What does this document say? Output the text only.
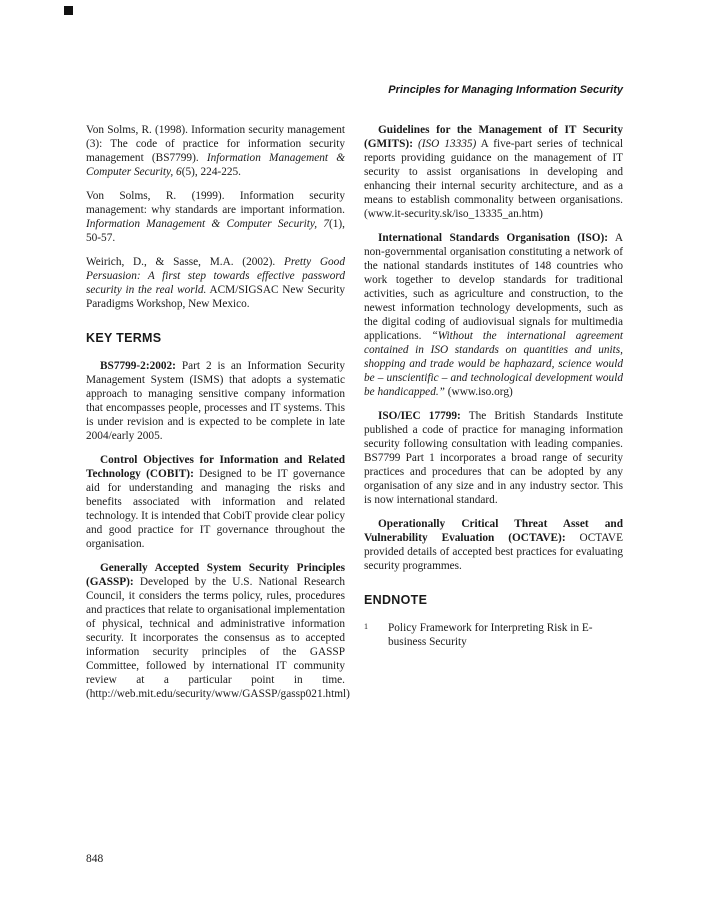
Principles for Managing Information Security

Von Solms, R. (1998). Information security management (3): The code of practice for information security management (BS7799). Information Management & Computer Security, 6(5), 224-225.

Von Solms, R. (1999). Information security management: why standards are important information. Information Management & Computer Security, 7(1), 50-57.

Weirich, D., & Sasse, M.A. (2002). Pretty Good Persuasion: A first step towards effective password security in the real world. ACM/SIGSAC New Security Paradigms Workshop, New Mexico.

KEY TERMS

BS7799-2:2002: Part 2 is an Information Security Management System (ISMS) that adopts a systematic approach to managing sensitive company information that encompasses people, processes and IT systems. This is under revision and is expected to be complete in late 2004/early 2005.

Control Objectives for Information and Related Technology (COBIT): Designed to be IT governance aid for understanding and managing the risks and benefits associated with information and related technology. It is intended that CobiT provide clear policy and good practice for IT governance throughout the organisation.

Generally Accepted System Security Principles (GASSP): Developed by the U.S. National Research Council, it considers the terms policy, rules, procedures and practices that relate to organisational implementation of physical, technical and administrative information security. It incorporates the consensus as to accepted information security principles of the GASSP Committee, followed by international IT community review at a particular point in time. (http://web.mit.edu/security/www/GASSP/gassp021.html)

Guidelines for the Management of IT Security (GMITS): (ISO 13335) A five-part series of technical reports providing guidance on the management of IT security to assist organisations in developing and enhancing their internal security architecture, and as a means to establish commonality between organisations. (www.it-security.sk/iso_13335_an.htm)

International Standards Organisation (ISO): A non-governmental organisation constituting a network of the national standards institutes of 148 countries who work together to develop standards for traditional activities, such as agriculture and construction, to the newest information technology developments, such as the digital coding of audiovisual signals for multimedia applications. “Without the international agreement contained in ISO standards on quantities and units, shopping and trade would be haphazard, science would be – unscientific – and technological development would be handicapped.” (www.iso.org)

ISO/IEC 17799: The British Standards Institute published a code of practice for managing information security following consultation with leading companies. BS7799 Part 1 incorporates a broad range of security practices and procedures that can be adopted by any organisation of any size and in any industry sector. This is now international standard.

Operationally Critical Threat Asset and Vulnerability Evaluation (OCTAVE): OCTAVE provided details of accepted best practices for evaluating security programmes.

ENDNOTE
1	Policy Framework for Interpreting Risk in E-business Security
848
